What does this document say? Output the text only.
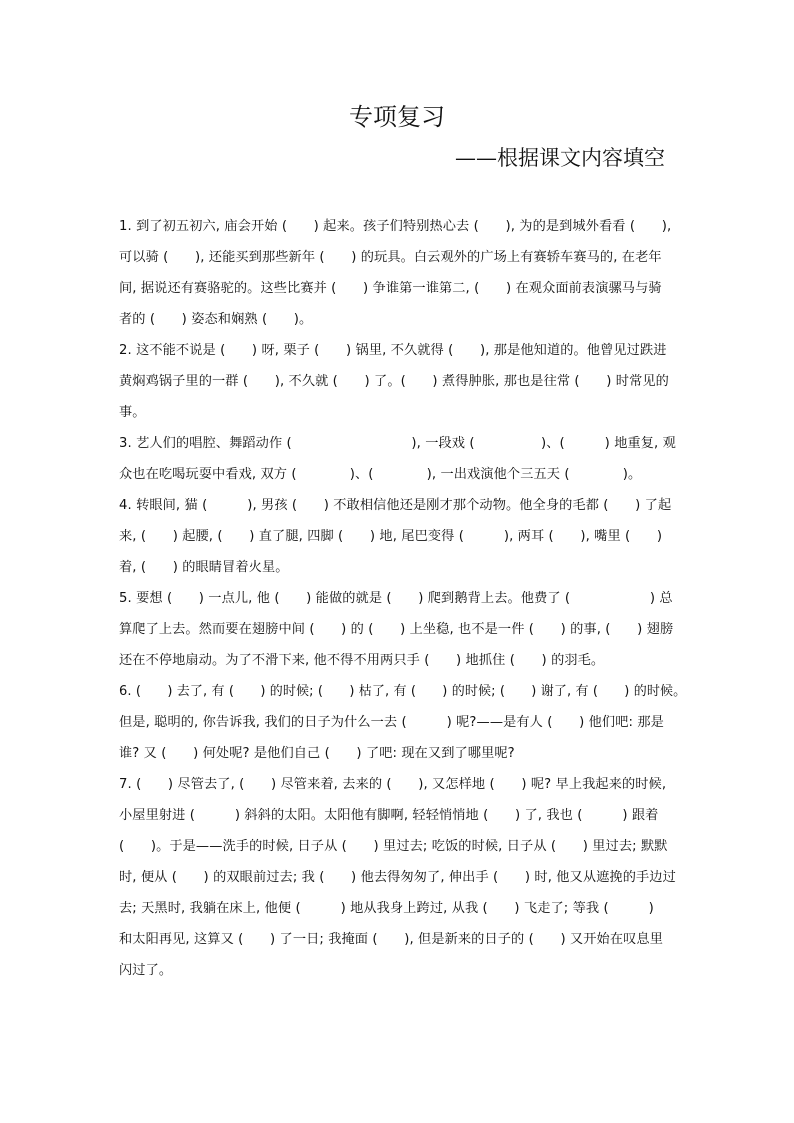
专项复习
——根据课文内容填空

1. 到了初五初六, 庙会开始 (　　) 起来。孩子们特别热心去 (　　), 为的是到城外看看 (　　),

可以骑 (　　), 还能买到那些新年 (　　) 的玩具。白云观外的广场上有赛轿车赛马的, 在老年

间, 据说还有赛骆驼的。这些比赛并 (　　) 争谁第一谁第二, (　　) 在观众面前表演骡马与骑

者的 (　　) 姿态和娴熟 (　　)。

2. 这不能不说是 (　　) 呀, 栗子 (　　) 锅里, 不久就得 (　　), 那是他知道的。他曾见过跌进

黄焖鸡锅子里的一群 (　　), 不久就 (　　) 了。(　　) 煮得肿胀, 那也是往常 (　　) 时常见的

事。

3. 艺人们的唱腔、舞蹈动作 (　　　　　　　　　), 一段戏 (　　　　　)、(　　　) 地重复, 观

众也在吃喝玩耍中看戏, 双方 (　　　　)、(　　　　), 一出戏演他个三五天 (　　　　)。

4. 转眼间, 猫 (　　　), 男孩 (　　) 不敢相信他还是刚才那个动物。他全身的毛都 (　　) 了起

来, (　　) 起腰, (　　) 直了腿, 四脚 (　　) 地, 尾巴变得 (　　　), 两耳 (　　), 嘴里 (　　)

着, (　　) 的眼睛冒着火星。

5. 要想 (　　) 一点儿, 他 (　　) 能做的就是 (　　) 爬到鹅背上去。他费了 (　　　　　　) 总

算爬了上去。然而要在翅膀中间 (　　) 的 (　　) 上坐稳, 也不是一件 (　　) 的事, (　　) 翅膀

还在不停地扇动。为了不滑下来, 他不得不用两只手 (　　) 地抓住 (　　) 的羽毛。

6. (　　) 去了, 有 (　　) 的时候; (　　) 枯了, 有 (　　) 的时候; (　　) 谢了, 有 (　　) 的时候。

但是, 聪明的, 你告诉我, 我们的日子为什么一去 (　　　) 呢?——是有人 (　　) 他们吧: 那是

谁? 又 (　　) 何处呢? 是他们自己 (　　) 了吧: 现在又到了哪里呢?

7. (　　) 尽管去了, (　　) 尽管来着, 去来的 (　　), 又怎样地 (　　) 呢? 早上我起来的时候,

小屋里射进 (　　　) 斜斜的太阳。太阳他有脚啊, 轻轻悄悄地 (　　) 了, 我也 (　　　) 跟着

(　　)。于是——洗手的时候, 日子从 (　　) 里过去; 吃饭的时候, 日子从 (　　) 里过去; 默默

时, 便从 (　　) 的双眼前过去; 我 (　　) 他去得匆匆了, 伸出手 (　　) 时, 他又从遮挽的手边过

去; 天黑时, 我躺在床上, 他便 (　　　) 地从我身上跨过, 从我 (　　) 飞走了; 等我 (　　　)

和太阳再见, 这算又 (　　) 了一日; 我掩面 (　　), 但是新来的日子的 (　　) 又开始在叹息里

闪过了。
